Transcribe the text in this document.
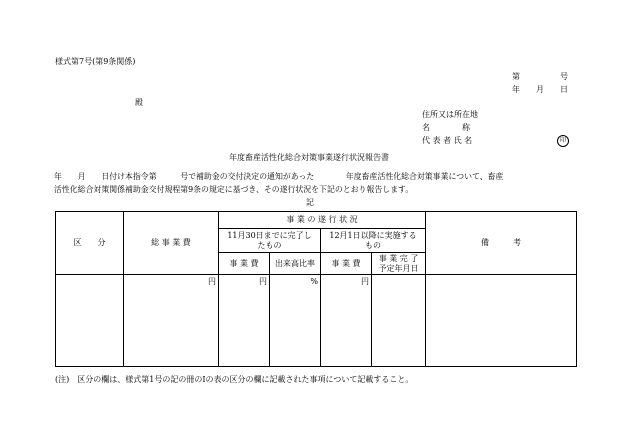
様式第7号(第9条関係)
第　　　　　号
年　　月　　日
殿
住所又は所在地
名　　　　称
代 表 者 氏 名	印
年度畜産活性化総合対策事業遂行状況報告書
年　　月　　日付け本指令第　　　号で補助金の交付決定の通知があった　　　　年度畜産活性化総合対策事業について、畜産
活性化総合対策関係補助金交付規程第9条の規定に基づき、その遂行状況を下記のとおり報告します。
記
区　　分	総 事 業 費	事 業 の 遂 行 状 況				備　　　考
		11月30日までに完了したもの		12月1日以降に実施するもの		
		事 業 費	出来高比率	事 業 費	事 業 完 了 予定年月日	
	円	円	%	円		
(注)　区分の欄は、様式第1号の記の冊のⅠの表の区分の欄に記載された事項について記載すること。
